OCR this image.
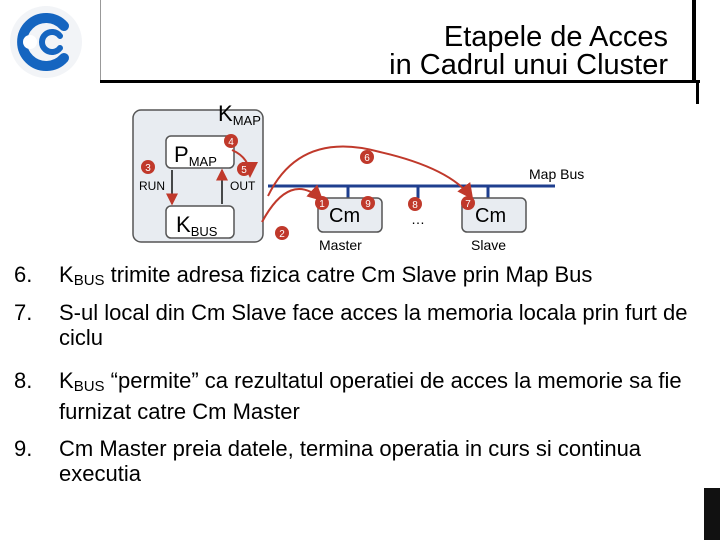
Etapele de Acces
in Cadrul unui Cluster
23
KMAP
PMAP
KBUS
RUN	OUT
Map Bus
Cm
Master
Cm
Slave
…
1
2
3
4
5
6
7
8
9
6.	$K_{BUS}$ trimite adresa fizica catre Cm Slave prin Map Bus
7.	S-ul local din Cm Slave face acces la memoria locala prin furt de ciclu
8.	$K_{BUS}$ “permite” ca rezultatul operatiei de acces la memorie sa fie furnizat catre Cm Master
9.	Cm Master preia datele, termina operatia in curs si continua executia
